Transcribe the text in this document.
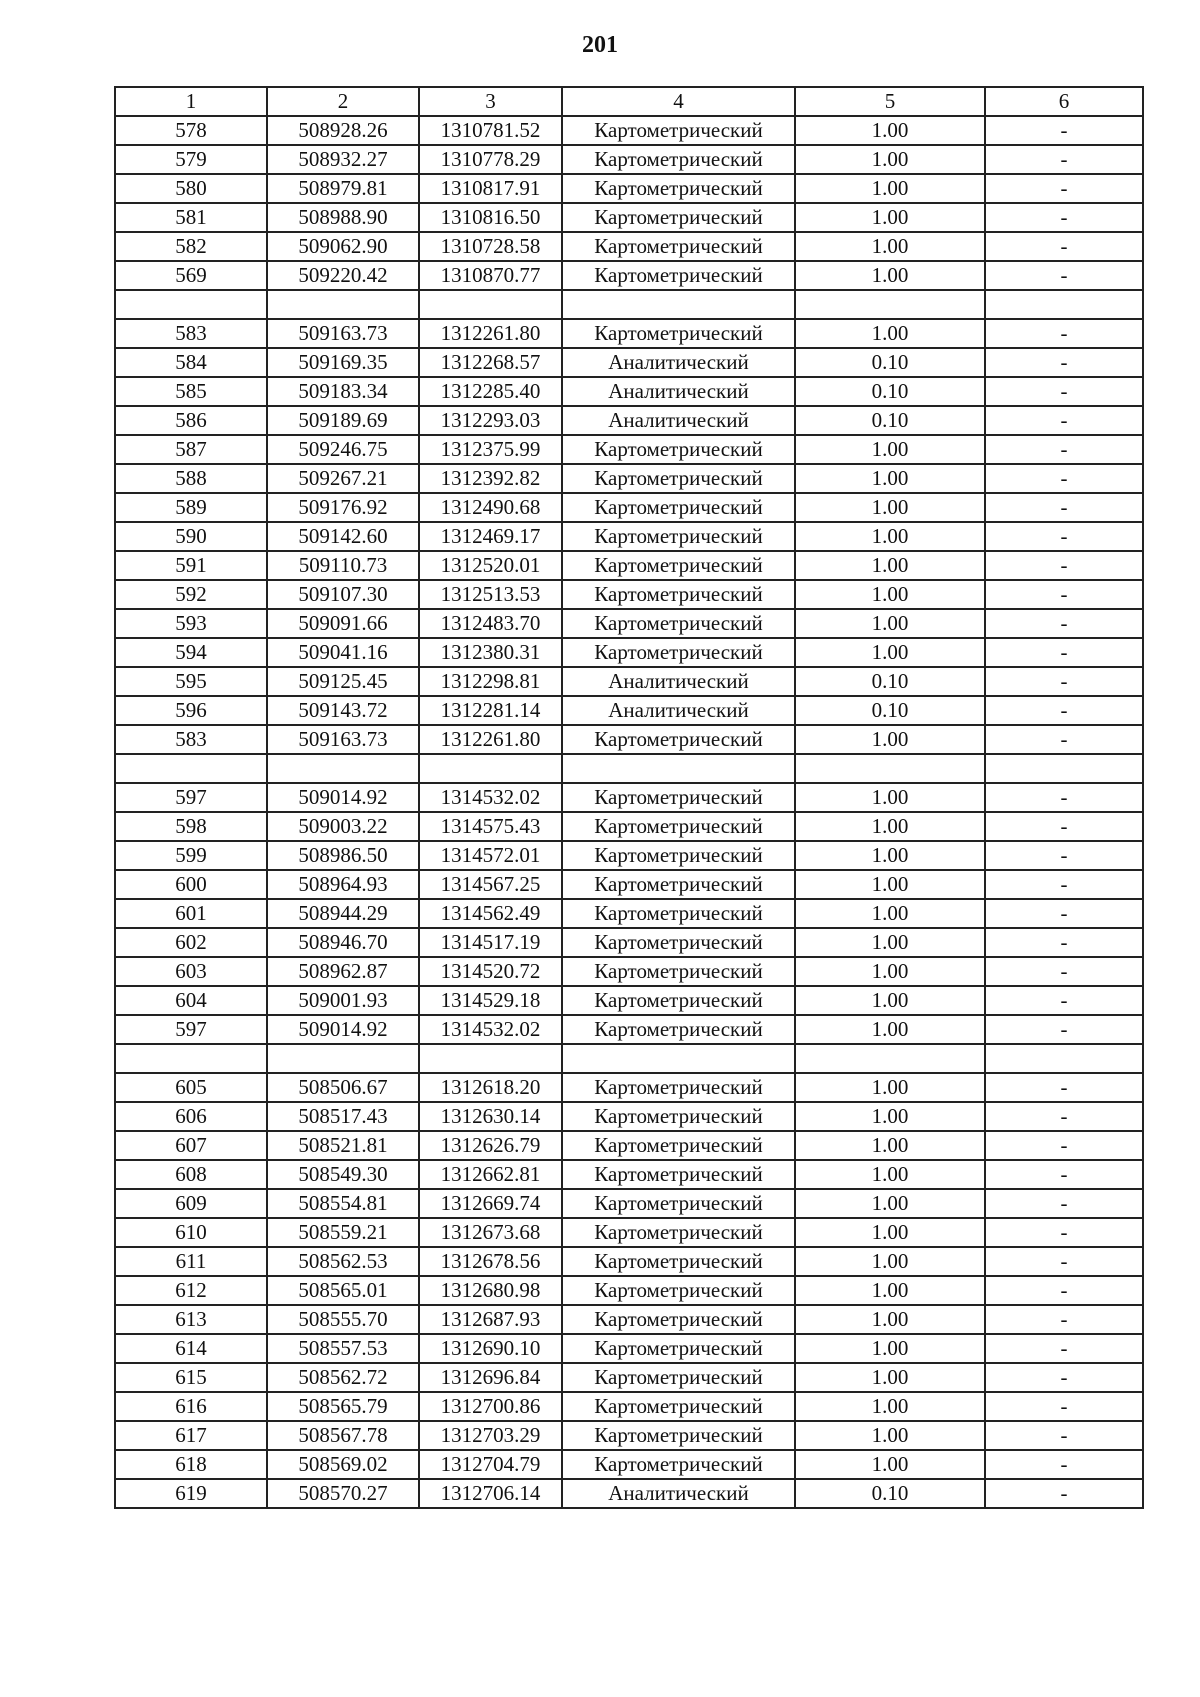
201
1	2	3	4	5	6
578	508928.26	1310781.52	Картометрический	1.00	-
579	508932.27	1310778.29	Картометрический	1.00	-
580	508979.81	1310817.91	Картометрический	1.00	-
581	508988.90	1310816.50	Картометрический	1.00	-
582	509062.90	1310728.58	Картометрический	1.00	-
569	509220.42	1310870.77	Картометрический	1.00	-

583	509163.73	1312261.80	Картометрический	1.00	-
584	509169.35	1312268.57	Аналитический	0.10	-
585	509183.34	1312285.40	Аналитический	0.10	-
586	509189.69	1312293.03	Аналитический	0.10	-
587	509246.75	1312375.99	Картометрический	1.00	-
588	509267.21	1312392.82	Картометрический	1.00	-
589	509176.92	1312490.68	Картометрический	1.00	-
590	509142.60	1312469.17	Картометрический	1.00	-
591	509110.73	1312520.01	Картометрический	1.00	-
592	509107.30	1312513.53	Картометрический	1.00	-
593	509091.66	1312483.70	Картометрический	1.00	-
594	509041.16	1312380.31	Картометрический	1.00	-
595	509125.45	1312298.81	Аналитический	0.10	-
596	509143.72	1312281.14	Аналитический	0.10	-
583	509163.73	1312261.80	Картометрический	1.00	-

597	509014.92	1314532.02	Картометрический	1.00	-
598	509003.22	1314575.43	Картометрический	1.00	-
599	508986.50	1314572.01	Картометрический	1.00	-
600	508964.93	1314567.25	Картометрический	1.00	-
601	508944.29	1314562.49	Картометрический	1.00	-
602	508946.70	1314517.19	Картометрический	1.00	-
603	508962.87	1314520.72	Картометрический	1.00	-
604	509001.93	1314529.18	Картометрический	1.00	-
597	509014.92	1314532.02	Картометрический	1.00	-

605	508506.67	1312618.20	Картометрический	1.00	-
606	508517.43	1312630.14	Картометрический	1.00	-
607	508521.81	1312626.79	Картометрический	1.00	-
608	508549.30	1312662.81	Картометрический	1.00	-
609	508554.81	1312669.74	Картометрический	1.00	-
610	508559.21	1312673.68	Картометрический	1.00	-
611	508562.53	1312678.56	Картометрический	1.00	-
612	508565.01	1312680.98	Картометрический	1.00	-
613	508555.70	1312687.93	Картометрический	1.00	-
614	508557.53	1312690.10	Картометрический	1.00	-
615	508562.72	1312696.84	Картометрический	1.00	-
616	508565.79	1312700.86	Картометрический	1.00	-
617	508567.78	1312703.29	Картометрический	1.00	-
618	508569.02	1312704.79	Картометрический	1.00	-
619	508570.27	1312706.14	Аналитический	0.10	-
